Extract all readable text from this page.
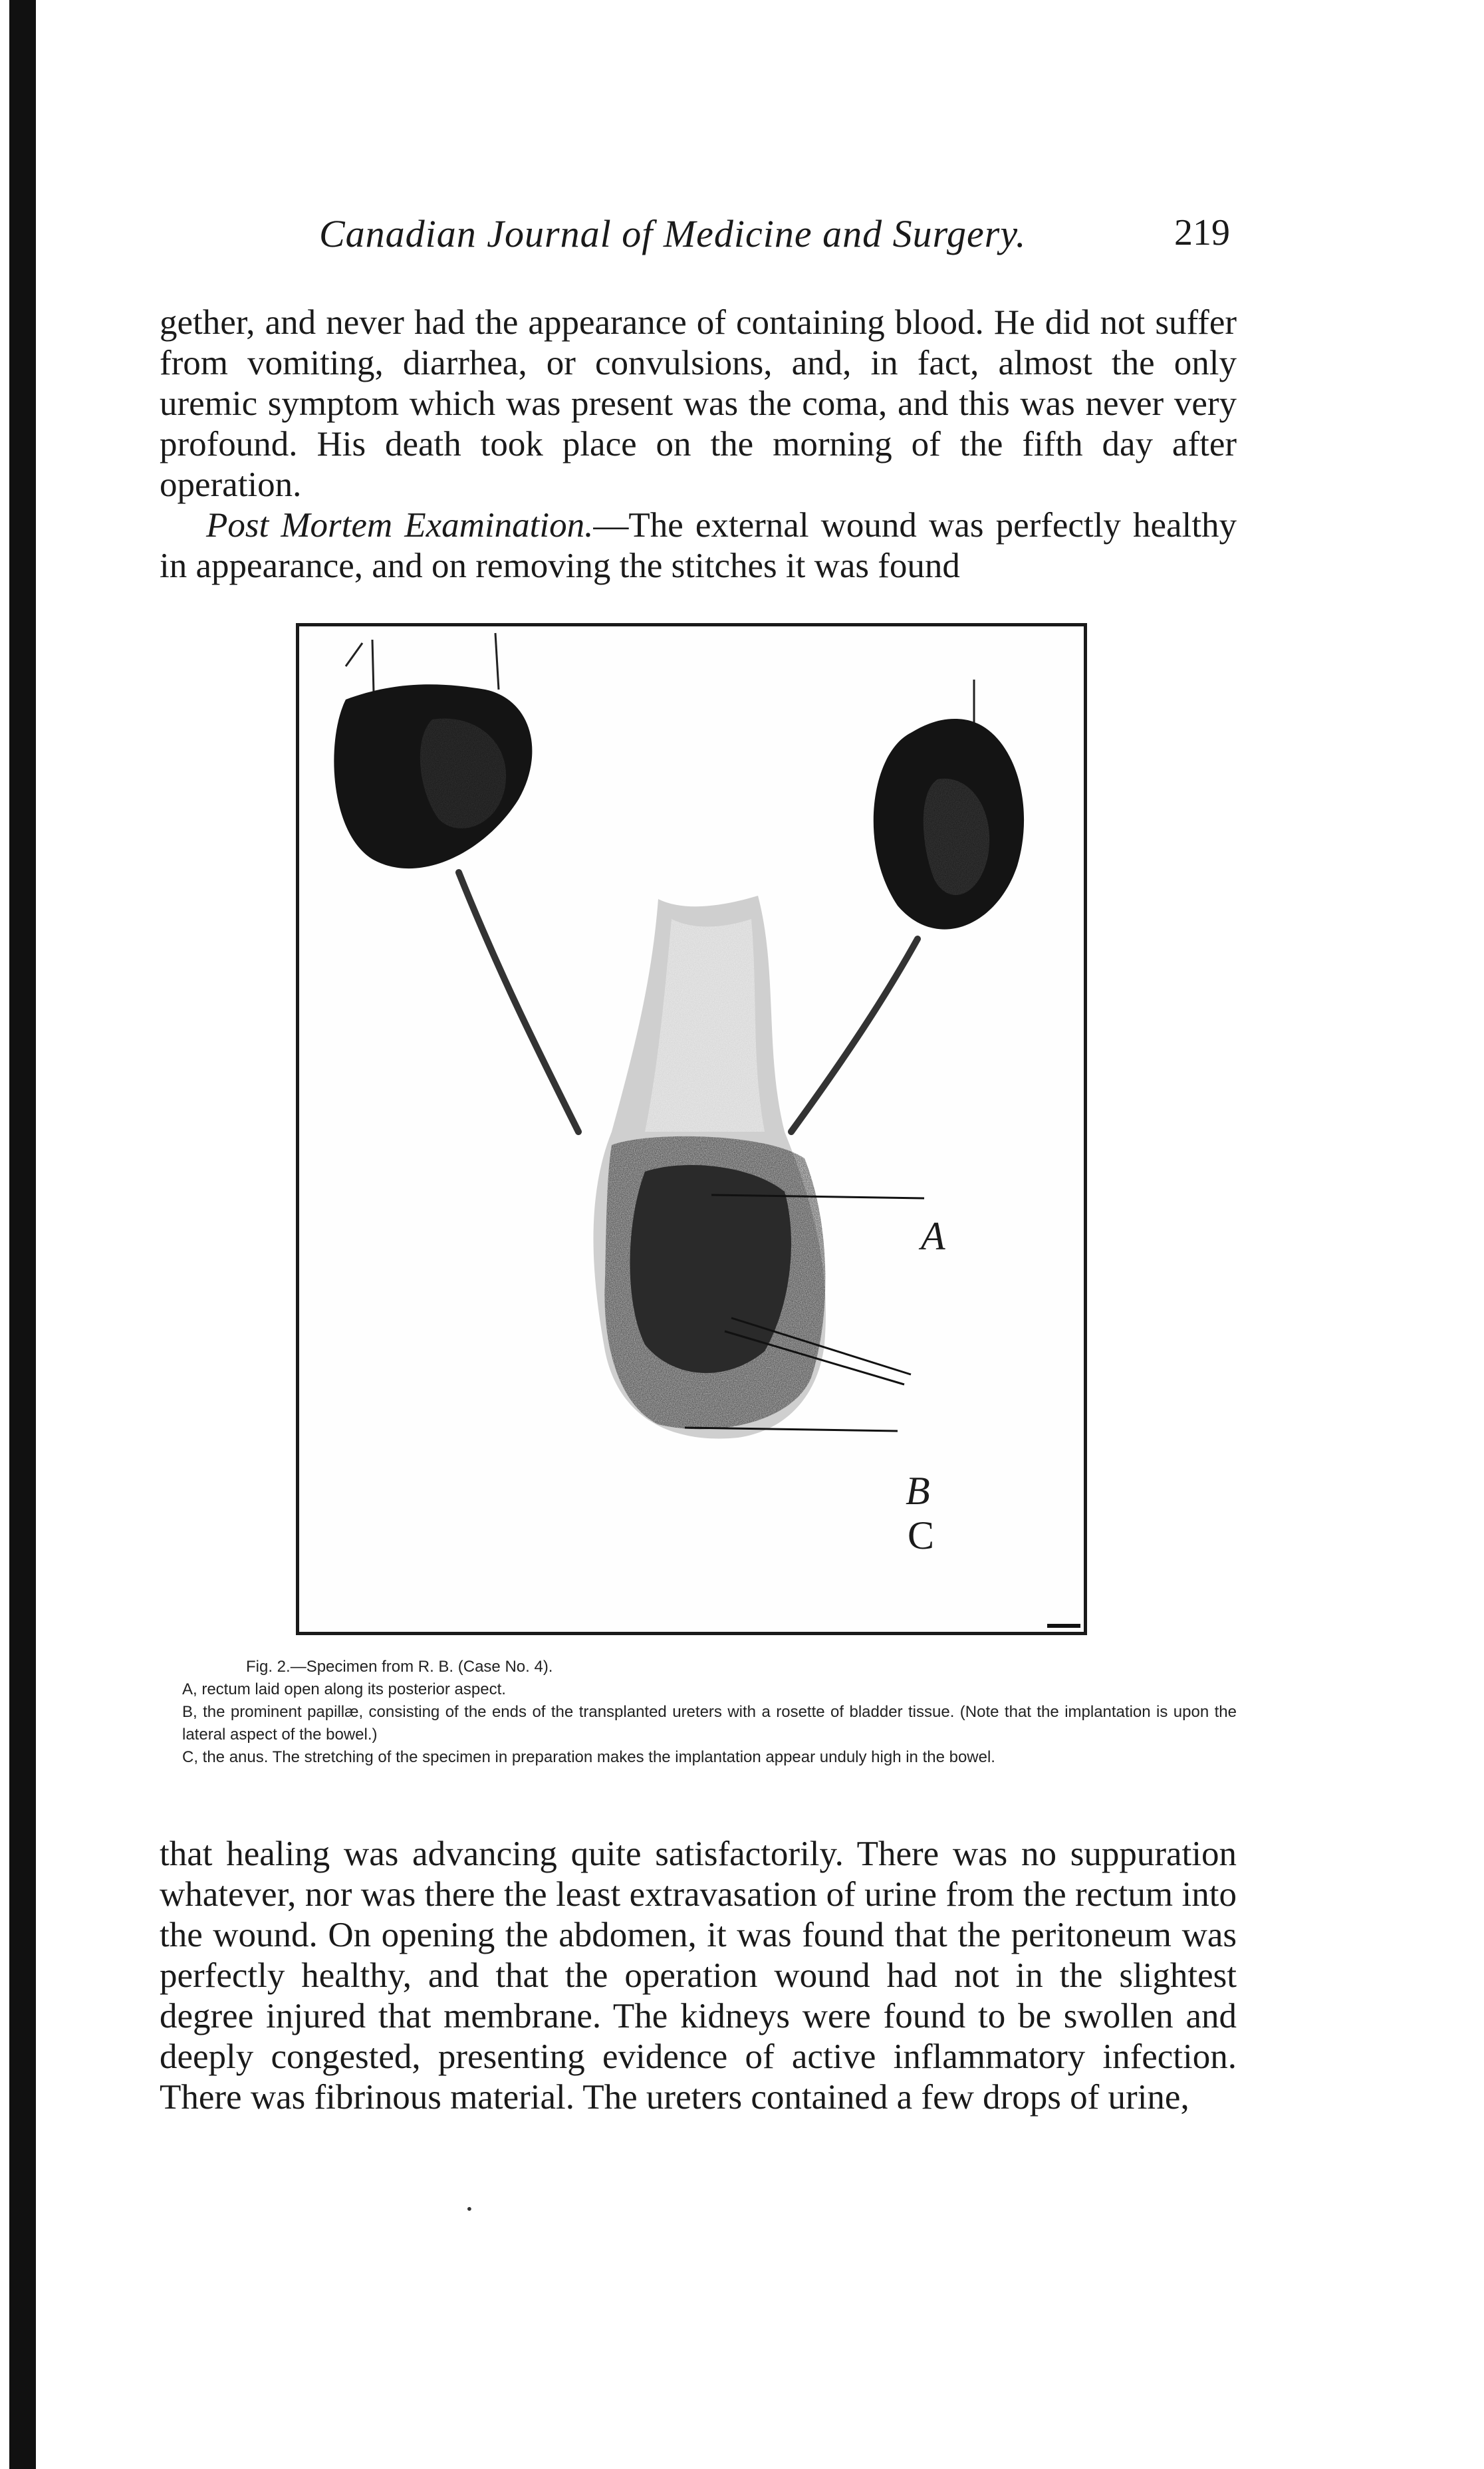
Canadian Journal of Medicine and Surgery.	219

gether, and never had the appearance of containing blood. He did not suffer from vomiting, diarrhea, or convulsions, and, in fact, almost the only uremic symptom which was present was the coma, and this was never very profound. His death took place on the morning of the fifth day after operation.
Post Mortem Examination.—The external wound was perfectly healthy in appearance, and on removing the stitches it was found

A
B
C

Fig. 2.—Specimen from R. B. (Case No. 4).

A, rectum laid open along its posterior aspect.

B, the prominent papillæ, consisting of the ends of the transplanted ureters with a rosette of bladder tissue. (Note that the implantation is upon the lateral aspect of the bowel.)

C, the anus. The stretching of the specimen in preparation makes the implantation appear unduly high in the bowel.

that healing was advancing quite satisfactorily. There was no suppuration whatever, nor was there the least extravasation of urine from the rectum into the wound. On opening the abdomen, it was found that the peritoneum was perfectly healthy, and that the operation wound had not in the slightest degree injured that membrane. The kidneys were found to be swollen and deeply congested, presenting evidence of active inflammatory infection. There was fibrinous material. The ureters contained a few drops of urine,

•
